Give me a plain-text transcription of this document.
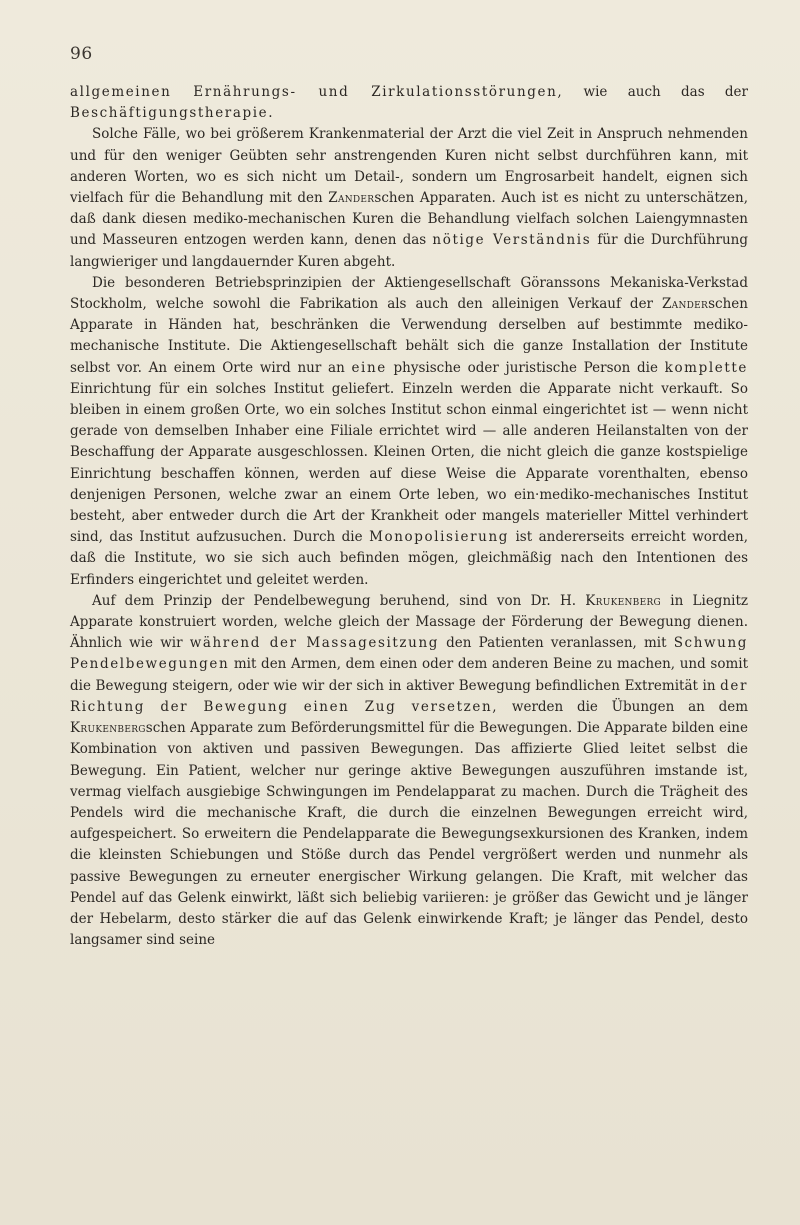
96

allgemeinen Ernährungs- und Zirkulationsstörungen, wie auch das der Beschäftigungstherapie.

Solche Fälle, wo bei größerem Krankenmaterial der Arzt die viel Zeit in Anspruch nehmenden und für den weniger Geübten sehr anstrengenden Kuren nicht selbst durchführen kann, mit anderen Worten, wo es sich nicht um Detail-, sondern um Engrosarbeit handelt, eignen sich vielfach für die Behandlung mit den Zanderschen Apparaten. Auch ist es nicht zu unterschätzen, daß dank diesen mediko-mechanischen Kuren die Behandlung vielfach solchen Laiengymnasten und Masseuren entzogen werden kann, denen das nötige Verständnis für die Durchführung langwieriger und langdauernder Kuren abgeht.

Die besonderen Betriebsprinzipien der Aktiengesellschaft Göranssons Mekaniska-Verkstad Stockholm, welche sowohl die Fabrikation als auch den alleinigen Verkauf der Zanderschen Apparate in Händen hat, beschränken die Verwendung derselben auf bestimmte mediko-mechanische Institute. Die Aktiengesellschaft behält sich die ganze Installation der Institute selbst vor. An einem Orte wird nur an eine physische oder juristische Person die komplette Einrichtung für ein solches Institut geliefert. Einzeln werden die Apparate nicht verkauft. So bleiben in einem großen Orte, wo ein solches Institut schon einmal eingerichtet ist — wenn nicht gerade von demselben Inhaber eine Filiale errichtet wird — alle anderen Heilanstalten von der Beschaffung der Apparate ausgeschlossen. Kleinen Orten, die nicht gleich die ganze kostspielige Einrichtung beschaffen können, werden auf diese Weise die Apparate vorenthalten, ebenso denjenigen Personen, welche zwar an einem Orte leben, wo ein·mediko-mechanisches Institut besteht, aber entweder durch die Art der Krankheit oder mangels materieller Mittel verhindert sind, das Institut aufzusuchen. Durch die Monopolisierung ist andererseits erreicht worden, daß die Institute, wo sie sich auch befinden mögen, gleichmäßig nach den Intentionen des Erfinders eingerichtet und geleitet werden.

Auf dem Prinzip der Pendelbewegung beruhend, sind von Dr. H. Krukenberg in Liegnitz Apparate konstruiert worden, welche gleich der Massage der Förderung der Bewegung dienen. Ähnlich wie wir während der Massagesitzung den Patienten veranlassen, mit Schwung Pendelbewegungen mit den Armen, dem einen oder dem anderen Beine zu machen, und somit die Bewegung steigern, oder wie wir der sich in aktiver Bewegung befindlichen Extremität in der Richtung der Bewegung einen Zug versetzen, werden die Übungen an dem Krukenbergschen Apparate zum Beförderungsmittel für die Bewegungen. Die Apparate bilden eine Kombination von aktiven und passiven Bewegungen. Das affizierte Glied leitet selbst die Bewegung. Ein Patient, welcher nur geringe aktive Bewegungen auszuführen imstande ist, vermag vielfach ausgiebige Schwingungen im Pendelapparat zu machen. Durch die Trägheit des Pendels wird die mechanische Kraft, die durch die einzelnen Bewegungen erreicht wird, aufgespeichert. So erweitern die Pendelapparate die Bewegungsexkursionen des Kranken, indem die kleinsten Schiebungen und Stöße durch das Pendel vergrößert werden und nunmehr als passive Bewegungen zu erneuter energischer Wirkung gelangen. Die Kraft, mit welcher das Pendel auf das Gelenk einwirkt, läßt sich beliebig variieren: je größer das Gewicht und je länger der Hebelarm, desto stärker die auf das Gelenk einwirkende Kraft; je länger das Pendel, desto langsamer sind seine
